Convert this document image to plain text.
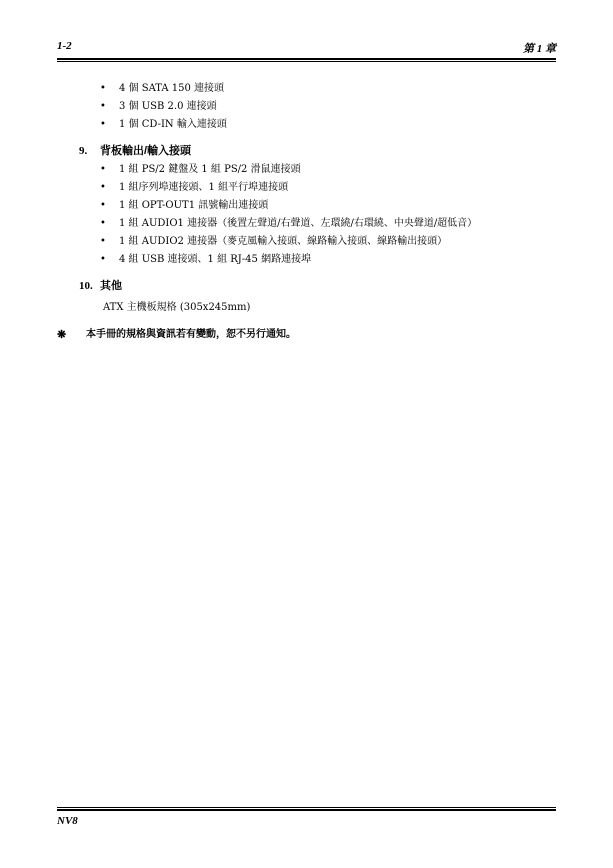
1-2	第 1 章
• 4 個 SATA 150 連接頭
• 3 個 USB 2.0 連接頭
• 1 個 CD-IN 輸入連接頭
9. 背板輸出/輸入接頭
• 1 組 PS/2 鍵盤及 1 組 PS/2 滑鼠連接頭
• 1 組序列埠連接頭、1 組平行埠連接頭
• 1 組 OPT-OUT1 訊號輸出連接頭
• 1 組 AUDIO1 連接器（後置左聲道/右聲道、左環繞/右環繞、中央聲道/超低音）
• 1 組 AUDIO2 連接器（麥克風輸入接頭、線路輸入接頭、線路輸出接頭）
• 4 組 USB 連接頭、1 組 RJ-45 網路連接埠
10. 其他
ATX 主機板規格 (305x245mm)
❋ 本手冊的規格與資訊若有變動，恕不另行通知。
NV8
